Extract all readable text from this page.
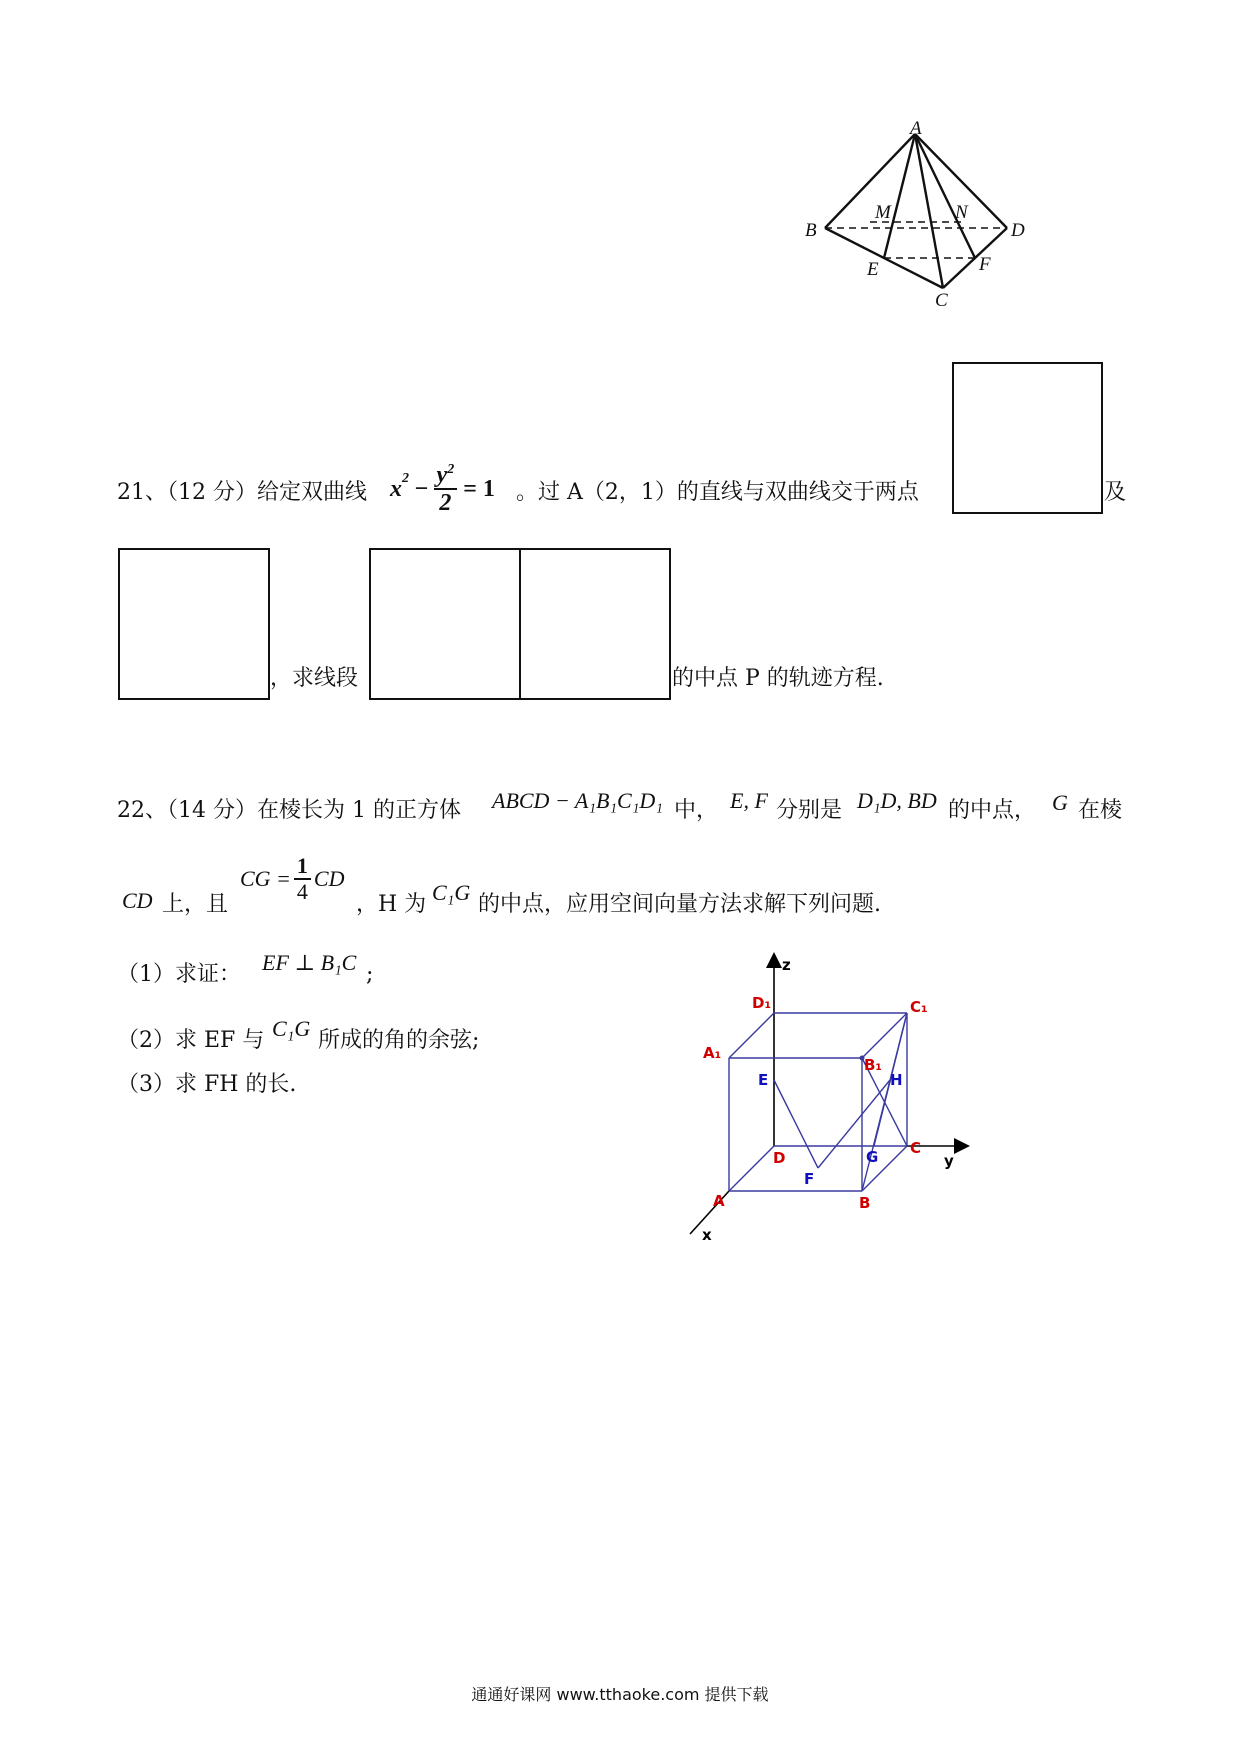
A
B	D
M	N
E	F
C
21、（12 分）给定双曲线 $x^2 - \frac{y^2}{2} = 1$ 。过 A（2，1）的直线与双曲线交于两点	及
，求线段	的中点 P 的轨迹方程.
22、（14 分）在棱长为 1 的正方体 ABCD − A₁B₁C₁D₁ 中， E, F 分别是 D₁D, BD 的中点， G 在棱
CD 上，且
CG = $\frac{1}{4}$ CD
，H 为 C₁G 的中点，应用空间向量方法求解下列问题.
（1）求证： EF ⊥ B₁C ;
（2）求 EF 与 C₁G 所成的角的余弦;
（3）求 FH 的长.
z
y
x
D₁	C₁
A₁
B₁
D
C
A	B
E	H
G
F
通通好课网 www.tthaoke.com 提供下载
